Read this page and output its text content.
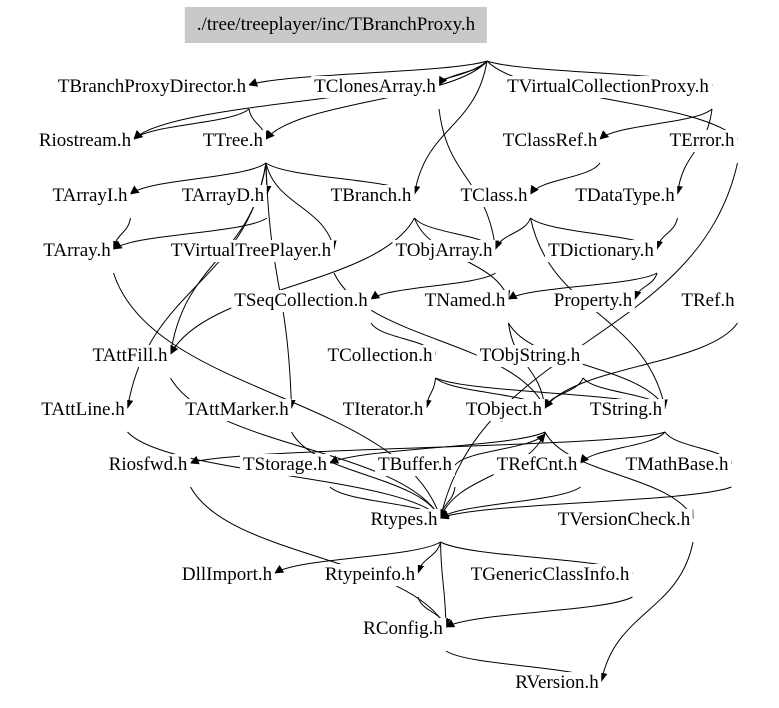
./tree/treeplayer/inc/TBranchProxy.h
TBranchProxyDirector.h	TClonesArray.h	TVirtualCollectionProxy.h
Riostream.h	TTree.h	TClassRef.h	TError.h
TArrayI.h	TArrayD.h	TBranch.h	TClass.h	TDataType.h
TArray.h	TVirtualTreePlayer.h	TObjArray.h	TDictionary.h
TSeqCollection.h	TNamed.h	Property.h	TRef.h
TAttFill.h	TCollection.h TObjString.h
TAttLine.h	TAttMarker.h	TIterator.h TObject.h	TString.h
Riosfwd.h	TStorage.h	TBuffer.h TRefCnt.h	TMathBase.h
Rtypes.h	TVersionCheck.h
DllImport.h	Rtypeinfo.h	TGenericClassInfo.h
RConfig.h
RVersion.h
